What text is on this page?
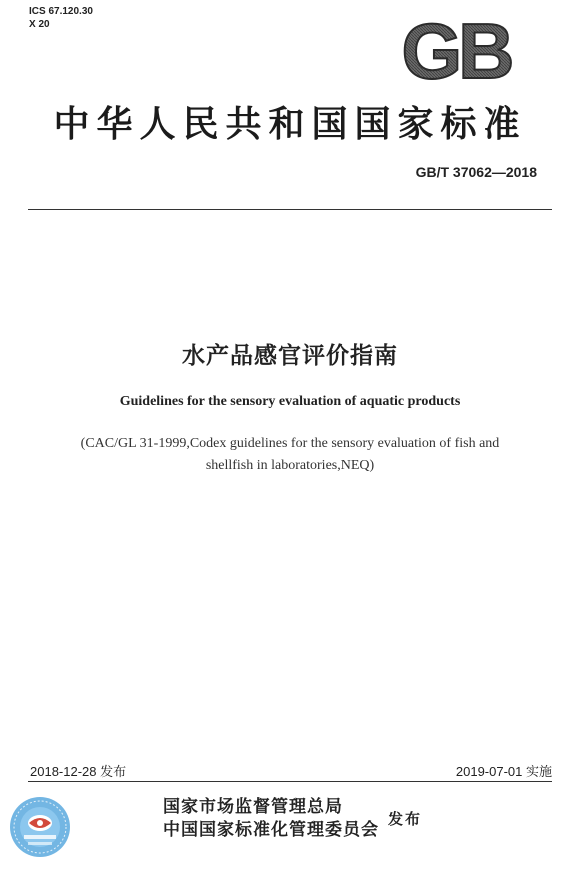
ICS 67.120.30
X 20	GB
中华人民共和国国家标准
GB/T 37062—2018
水产品感官评价指南
Guidelines for the sensory evaluation of aquatic products
(CAC/GL 31-1999,Codex guidelines for the sensory evaluation of fish and
shellfish in laboratories,NEQ)
2018-12-28 发布	2019-07-01 实施
国家市场监督管理总局
中国国家标准化管理委员会
发布
